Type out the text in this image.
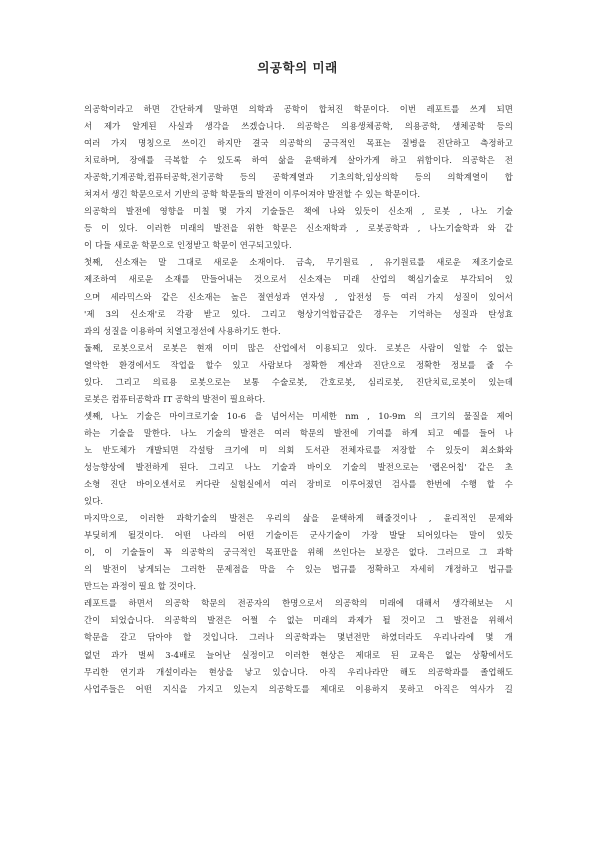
의공학의 미래
의공학이라고 하면 간단하게 말하면 의학과 공학이 합쳐진 학문이다. 이번 레포트를 쓰게 되면
서 제가 알게된 사실과 생각을 쓰겠습니다. 의공학은 의용생체공학, 의용공학, 생체공학 등의
여러 가지 명칭으로 쓰이긴 하지만 결국 의공학의 궁극적인 목표는 질병을 진단하고 측정하고
치료하며, 장애를 극복할 수 있도록 하여 삶을 윤택하게 살아가게 하고 위함이다. 의공학은 전
자공학,기계공학,컴퓨터공학,전기공학 등의 공학계열과 기초의학,임상의학 등의 의학계열이 합
쳐져서 생긴 학문으로서 기반의 공학 학문들의 발전이 이루어져야 발전할 수 있는 학문이다.
의공학의 발전에 영향을 미칠 몇 가지 기술들은 책에 나와 있듯이 신소재 , 로봇 , 나노 기술
등 이 있다. 이러한 미래의 발전을 위한 학문은 신소재학과 , 로봇공학과 , 나노기술학과 와 같
이 다들 새로운 학문으로 인정받고 학문이 연구되고있다.
첫째, 신소재는 말 그대로 새로운 소재이다. 금속, 무기원료 , 유기원료를 새로운 제조기술로
제조하여 새로운 소재를 만들어내는 것으로서 신소재는 미래 산업의 핵심기술로 부각되어 있
으며 세라믹스와 같은 신소재는 높은 절연성과 연자성 , 압전성 등 여러 가지 성질이 있어서
'제 3의 신소재'로 각광 받고 있다. 그리고 형상기억합금같은 경우는 기억하는 성질과 탄성효
과의 성질을 이용하여 치열고정선에 사용하기도 한다.
둘째, 로봇으로서 로봇은 현재 이미 많은 산업에서 이용되고 있다. 로봇은 사람이 일할 수 없는
열악한 환경에서도 작업을 할수 있고 사람보다 정확한 계산과 진단으로 정확한 정보를 줄 수
있다. 그리고 의료용 로봇으로는 보통 수술로봇, 간호로봇, 심리로봇, 진단치료,로봇이 있는데
로봇은 컴퓨터공학과 IT 공학의 발전이 필요하다.
셋째, 나노 기술은 마이크로기술 10-6 을 넘어서는 미세한 nm , 10-9m 의 크기의 물질을 제어
하는 기술을 말한다. 나노 기술의 발전은 여러 학문의 발전에 기여를 하게 되고 예를 들어 나
노 반도체가 개발되면 각설탕 크기에 미 의회 도서관 전체자료를 저장할 수 있듯이 최소화와
성능향상에 발전하게 된다. 그리고 나노 기술과 바이오 기술의 발전으로는 '랩온어칩' 같은 초
소형 진단 바이오센서로 커다란 실험실에서 여러 장비로 이루어졌던 검사를 한번에 수행 할 수
있다.
마지막으로, 이러한 과학기술의 발전은 우리의 삶을 윤택하게 해줄것이나 , 윤리적인 문제와
부딪히게 될것이다. 어떤 나라의 어떤 기술이든 군사기술이 가장 발달 되어있다는 말이 있듯
이, 이 기술들이 꼭 의공학의 궁극적인 목표만을 위해 쓰인다는 보장은 없다. 그러므로 그 과학
의 발전이 낳게되는 그러한 문제점을 막을 수 있는 법규를 정확하고 자세히 개정하고 법규를
만드는 과정이 필요 할 것이다.
레포트를 하면서 의공학 학문의 전공자의 한명으로서 의공학의 미래에 대해서 생각해보는 시
간이 되었습니다. 의공학의 발전은 어쩔 수 없는 미래의 과제가 될 것이고 그 발전을 위해서
학문을 갈고 닦아야 할 것입니다. 그러나 의공학과는 몇년전만 하였더라도 우리나라에 몇 개
없던 과가 벌써 3-4배로 늘어난 실정이고 이러한 현상은 제대로 된 교육은 없는 상황에서도
무리한 연기과 개설이라는 현상을 낳고 있습니다. 아직 우리나라만 해도 의공학과를 졸업해도
사업주들은 어떤 지식을 가지고 있는지 의공학도를 제대로 이용하지 못하고 아직은 역사가 길
